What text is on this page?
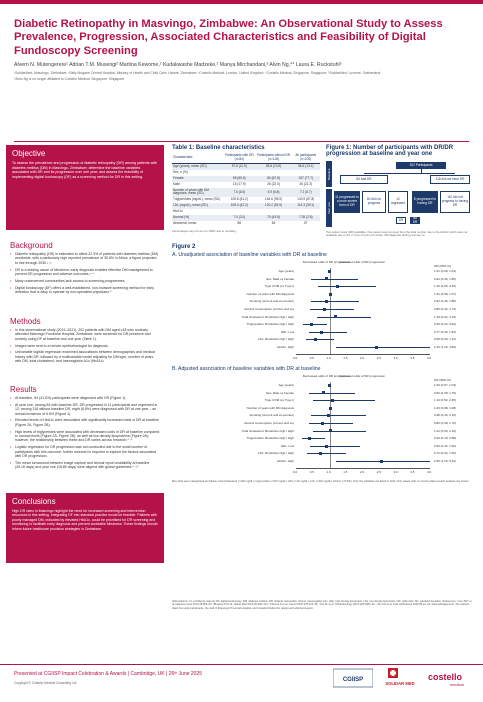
Diabetic Retinopathy in Masvingo, Zimbabwe: An Observational Study to Assess Prevalence, Progression, Associated Characteristics and Feasibility of Digital Fundoscopy Screening
Alvern N. Mutengerere¹ Adrian T.M. Musengi² Martina Kewome,² Kudakwashe Madzeke,² Manya Mirchandani,³ Alvin Ng,⁴* Laura E. Ruckstuhl⁵
¹SolidarMed, Masvingo, Zimbabwe; ²Sally Mugabe Central Hospital, Ministry of Health and Child Care, Harare, Zimbabwe; ³Costello Medical, London, United Kingdom; ⁴Costello Medical, Singapore, Singapore; ⁵SolidarMed, Lucerne, Switzerland.
*Alvin Ng is no longer affiliated to Costello Medical, Singapore, Singapore.
Objective
To assess the prevalence and progression of diabetic retinopathy (DR) among patients with diabetes mellitus (DM) in Masvingo, Zimbabwe; determine the baseline variables associated with DR and its progression over one year; and assess the feasibility of implementing digital fundoscopy (DF) as a screening method for DR in this setting.
Background
• Diabetic retinopathy (DR) is estimated to affect 22.3% of patients with diabetes mellitus (DM) worldwide, with a particularly high reported prevalence of 35.8% in Africa, a figure projected to rise through 2030.¹⁻²
• DR is a leading cause of blindness; early diagnosis enables effective DM management to prevent DR progression and adverse outcomes.³⁻⁴
• Many underserved communities lack access to screening programmes.
• Digital fundoscopy (DF) offers a well-established, non-invasive screening method for early detection that is easy to operate by non-specialist physicians.⁵
Methods
• In this observational study (2019–2021), 202 patients with DM aged ≥18 who routinely attended Masvingo Provincial Hospital, Zimbabwe, were screened for DR presence and severity using DF at baseline and one year (Table 1).
• Images were sent to a remote ophthalmologist for diagnosis.
• Univariable logistic regression examined associations between demographics and medical history with DR, followed by a multivariable model adjusting for DM type, number of years with DM, total cholesterol, and haemoglobin A1c (HbA1c).
Results
• At baseline, 84 (41.6%) participants were diagnosed with DR (Figure 1).
• At year one, among 84 with baseline DR, DR progressed in 11 participants and regressed in 12; among 118 without baseline DR, eight (6.8%) were diagnosed with DR at one year – an annual incidence of 6.8% (Figure 1).
• Elevated levels of HbA1c were associated with significantly increased odds of DR at baseline (Figure 2A, Figure 2B).
• High levels of triglycerides were associated with decreased odds of DR at baseline compared to normal levels (Figure 2A, Figure 2B), as well as low density lipoproteins (Figure 2A); however, the relationship between these and DR varies across research.⁶⁻⁸
• Logistic regression for DR progression was not conducted due to the small number of participants with this outcome; further research is required to explore the factors associated with DR progression.
• The mean turnaround between image capture and clinical report availability at baseline (26.16 days) and year one (18.89 days) were aligned with global guidelines.⁹⁻¹⁰
Conclusions
High DR rates in Masvingo highlight the need for increased screening and intervention resources in this setting. Integrating DF into standard practice would be feasible. Patients with poorly managed DM, indicated by elevated HbA1c, could be prioritised for DR screening and monitoring to facilitate early diagnosis and prevent avoidable blindness. These findings should inform future healthcare provision strategies in Zimbabwe.
Table 1: Baseline characteristics
Characteristic	Participants with DR (n=84)	Participants without DR (n=118)	All participants (n=202)
Age (years), mean (SD)	57.8 (11.9)	55.8 (13.9)	56.6 (13.1)
Sex, n (%)			
Female	55 (65.5)	80 (67.8)	157 (77.7)
Male	15 (17.9)	26 (22.0)	45 (22.3)
Number of years with DM diagnosis, mean (SD)	7.6 (6.5)	6.9 (6.8)	7.2 (6.7)
Triglycerides (mg/dL), mean (SD)	105.8 (61.2)	164.6 (95.5)	140.9 (87.8)
LDL (mg/dL), mean (SD)	105.4 (42.2)	120.2 (52.9)	114.3 (39.1)
HbA1c			
Normal (%)	7.0 (2.0)	70 (43.8)	7.35 (2.8)
Abnormal, mean	86	54	57
Percentages may not sum to 100% due to rounding.
Figure 1: Number of participants with DR/DR progression at baseline and year one
Baseline
Year one
202 Participants
84 had DR	118 did not have DR
11 progressed to a more severe form of DR
60 did not progress
12 regressed
8 progressed to having DR
110 did not progress to having DR
DR	No DR
Two-sided t-tests (DR) available. One patient was removed from the total number due to the HbA1c which was not available due to the 'n' time of point of number. DR diagnosis during year two on.
Figure 2
A. Unadjusted association of baseline variables with DR at baseline
Decreased odds of DR progression
Increased odds of DR progression
OR (95% CI)
0.0	0.5	1.0	1.5	2.0	2.5	3.0	3.5	4.0
Age (years)	1.01 (0.99, 1.03)
Sex: Male vs Female	0.92 (0.46, 1.85)
Type II DM (vs Type I)	1.25 (0.65, 2.40)
Number of years with DM diagnosis	1.02 (0.98, 1.07)
Smoking (current and ex-smoker)	0.92 (0.45, 1.88)
Alcohol consumption (current and ex)	0.85 (0.42, 1.72)
Total cholesterol: Borderline high / High	1.18 (0.62, 2.25)
Triglycerides: Borderline high / High	0.45 (0.22, 0.92)
HDL: Low	0.77 (0.39, 1.52)
LDL: Borderline high / High	0.58 (0.30, 1.12)
HbA1c: High	2.40 (1.20, 4.80)
B. Adjusted association of baseline variables with DR at baseline
Decreased odds of DR progression
Increased odds of DR progression
OR (95% CI)
0.0	0.5	1.0	1.5	2.0	2.5	3.0	3.5	4.0
Age (years)	1.00 (0.97, 1.03)
Sex: Male vs Female	0.82 (0.38, 1.75)
Type II DM (vs Type I)	1.10 (0.52, 2.35)
Number of years with DM diagnosis	1.03 (0.98, 1.08)
Smoking (current and ex-smoker)	0.98 (0.45, 2.10)
Alcohol consumption (current and ex)	0.80 (0.38, 1.70)
Total cholesterol: Borderline high / High	1.02 (0.50, 2.10)
Triglycerides: Borderline high / High	0.40 (0.18, 0.88)
HDL: Low	0.90 (0.42, 1.90)
LDL: Borderline high / High	0.72 (0.34, 1.50)
HbA1c: High	2.55 (1.20, 5.40)
Box plots were categorised as follows: total cholesterol (<200 mg/dL); triglycerides (<150 mg/dL); HDL (>40 mg/dL); LDL (<100 mg/dL); HbA1c (<6.5%). Only the variables are listed in bold. Only values with no missing data at each analysis are shown.
Abbreviations: Cl, confidence interval; DF, digital fundoscopy; DM, diabetes mellitus; DR, diabetic retinopathy; HbA1c, haemoglobin A1c; HDL, high density lipoprotein; LDL, low density lipoprotein; OR, odds ratio; SD, standard deviation. References: ¹Yau JWY et al. Diabetes Care 2012;35:556–64; ²Burgess PI et al. Diabet Med 2013;30:399–412; ³Cheung N et al. Lancet 2010;376:124–36; ⁴Teo ZL et al. Ophthalmology 2021;128:1580–91; ⁵Tan CH et al. Acta Ophthalmol 2020;98:e1–e9. Acknowledgements: The authors thank the study participants, the staff of Masvingo Provincial Hospital, and Costello Medical for design and editorial support.
Presented at CGIISP Impact Celebration & Awards | Cambridge, UK | 26ᵗʰ June 2025
Copyright © Costello Medical Consulting Ltd	CGIISP
SOLIDAR MED
costello
medical
